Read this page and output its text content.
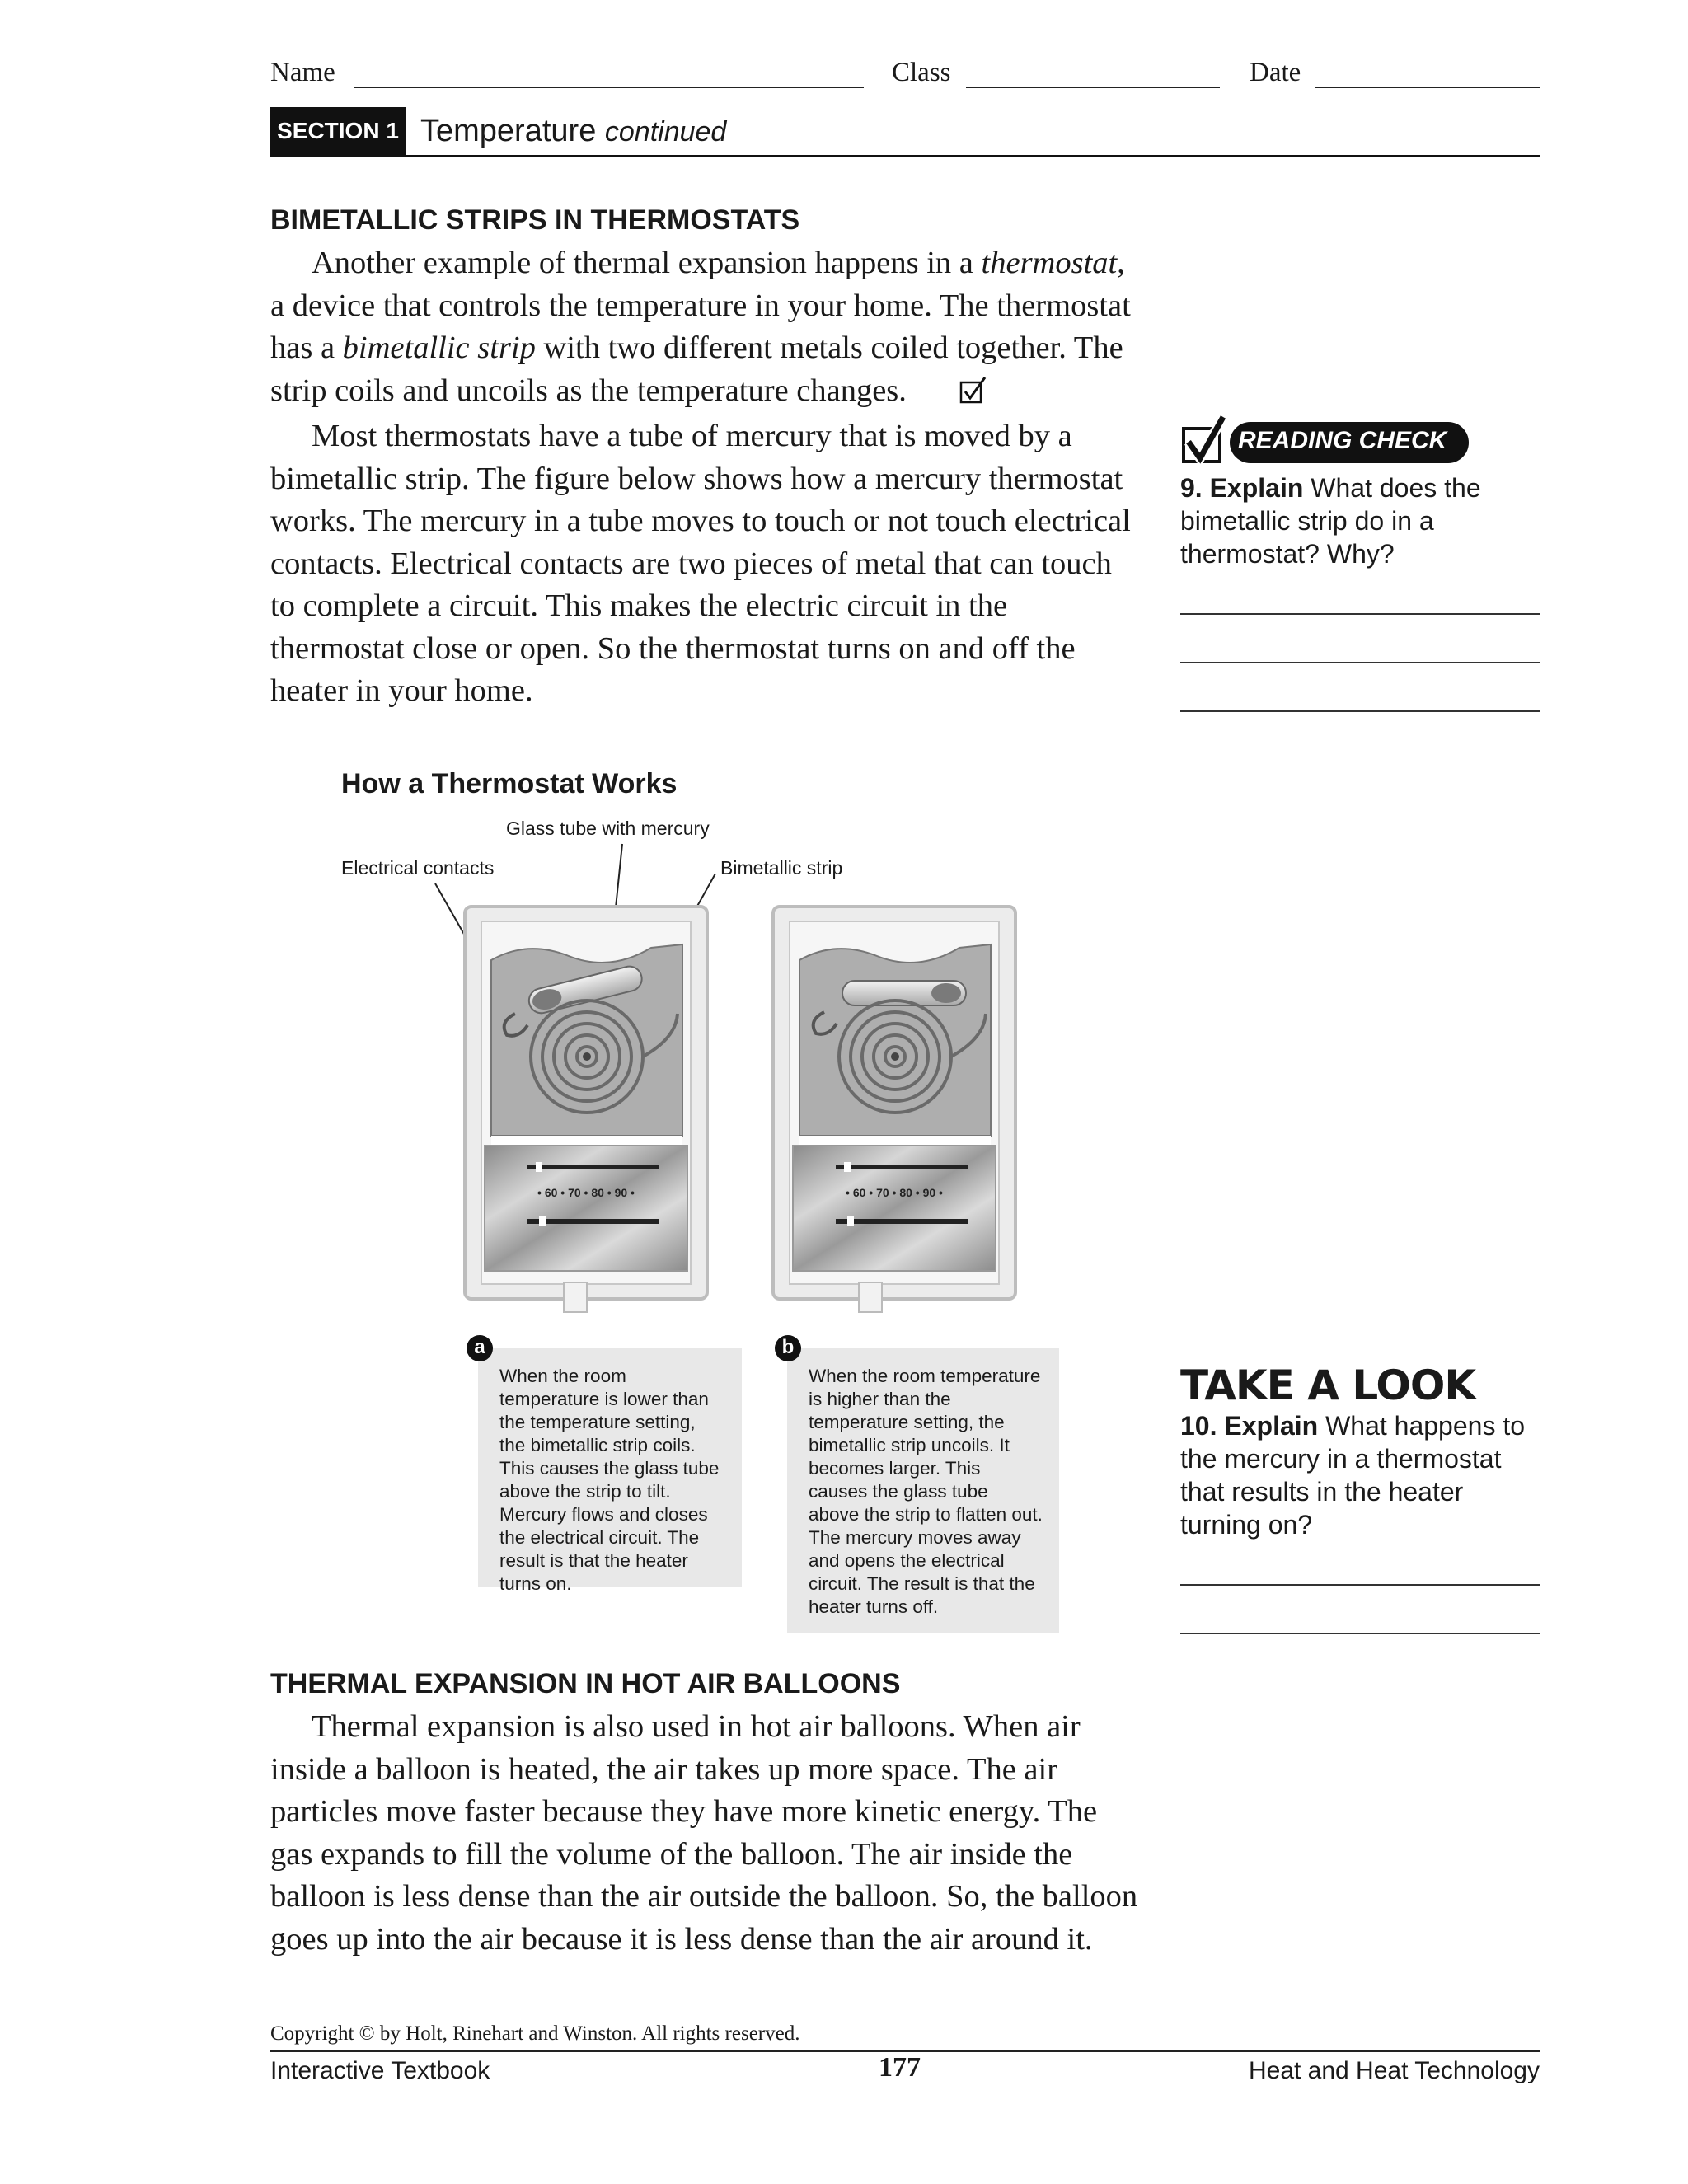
Name	Class	Date
SECTION 1 Temperature continued
BIMETALLIC STRIPS IN THERMOSTATS

Another example of thermal expansion happens in a thermostat, a device that controls the temperature in your home. The thermostat has a bimetallic strip with two different metals coiled together. The strip coils and uncoils as the temperature changes.

Most thermostats have a tube of mercury that is moved by a bimetallic strip. The figure below shows how a mercury thermostat works. The mercury in a tube moves to touch or not touch electrical contacts. Electrical contacts are two pieces of metal that can touch to complete a circuit. This makes the electric circuit in the thermostat close or open. So the thermostat turns on and off the heater in your home.

READING CHECK
9. Explain What does the bimetallic strip do in a thermostat? Why?
How a Thermostat Works
Glass tube with mercury
Electrical contacts	Bimetallic strip
• 60 • 70 • 80 • 90 •	• 60 • 70 • 80 • 90 •
When the room temperature is lower than the temperature setting, the bimetallic strip coils. This causes the glass tube above the strip to tilt. Mercury flows and closes the electrical circuit. The result is that the heater turns on.
a
When the room temperature is higher than the temperature setting, the bimetallic strip uncoils. It becomes larger. This causes the glass tube above the strip to flatten out. The mercury moves away and opens the electrical circuit. The result is that the heater turns off.
b
TAKE A LOOK
10. Explain What happens to the mercury in a thermostat that results in the heater turning on?
THERMAL EXPANSION IN HOT AIR BALLOONS

Thermal expansion is also used in hot air balloons. When air inside a balloon is heated, the air takes up more space. The air particles move faster because they have more kinetic energy. The gas expands to fill the volume of the balloon. The air inside the balloon is less dense than the air outside the balloon. So, the balloon goes up into the air because it is less dense than the air around it.

Copyright © by Holt, Rinehart and Winston. All rights reserved.
Interactive Textbook	177	Heat and Heat Technology
